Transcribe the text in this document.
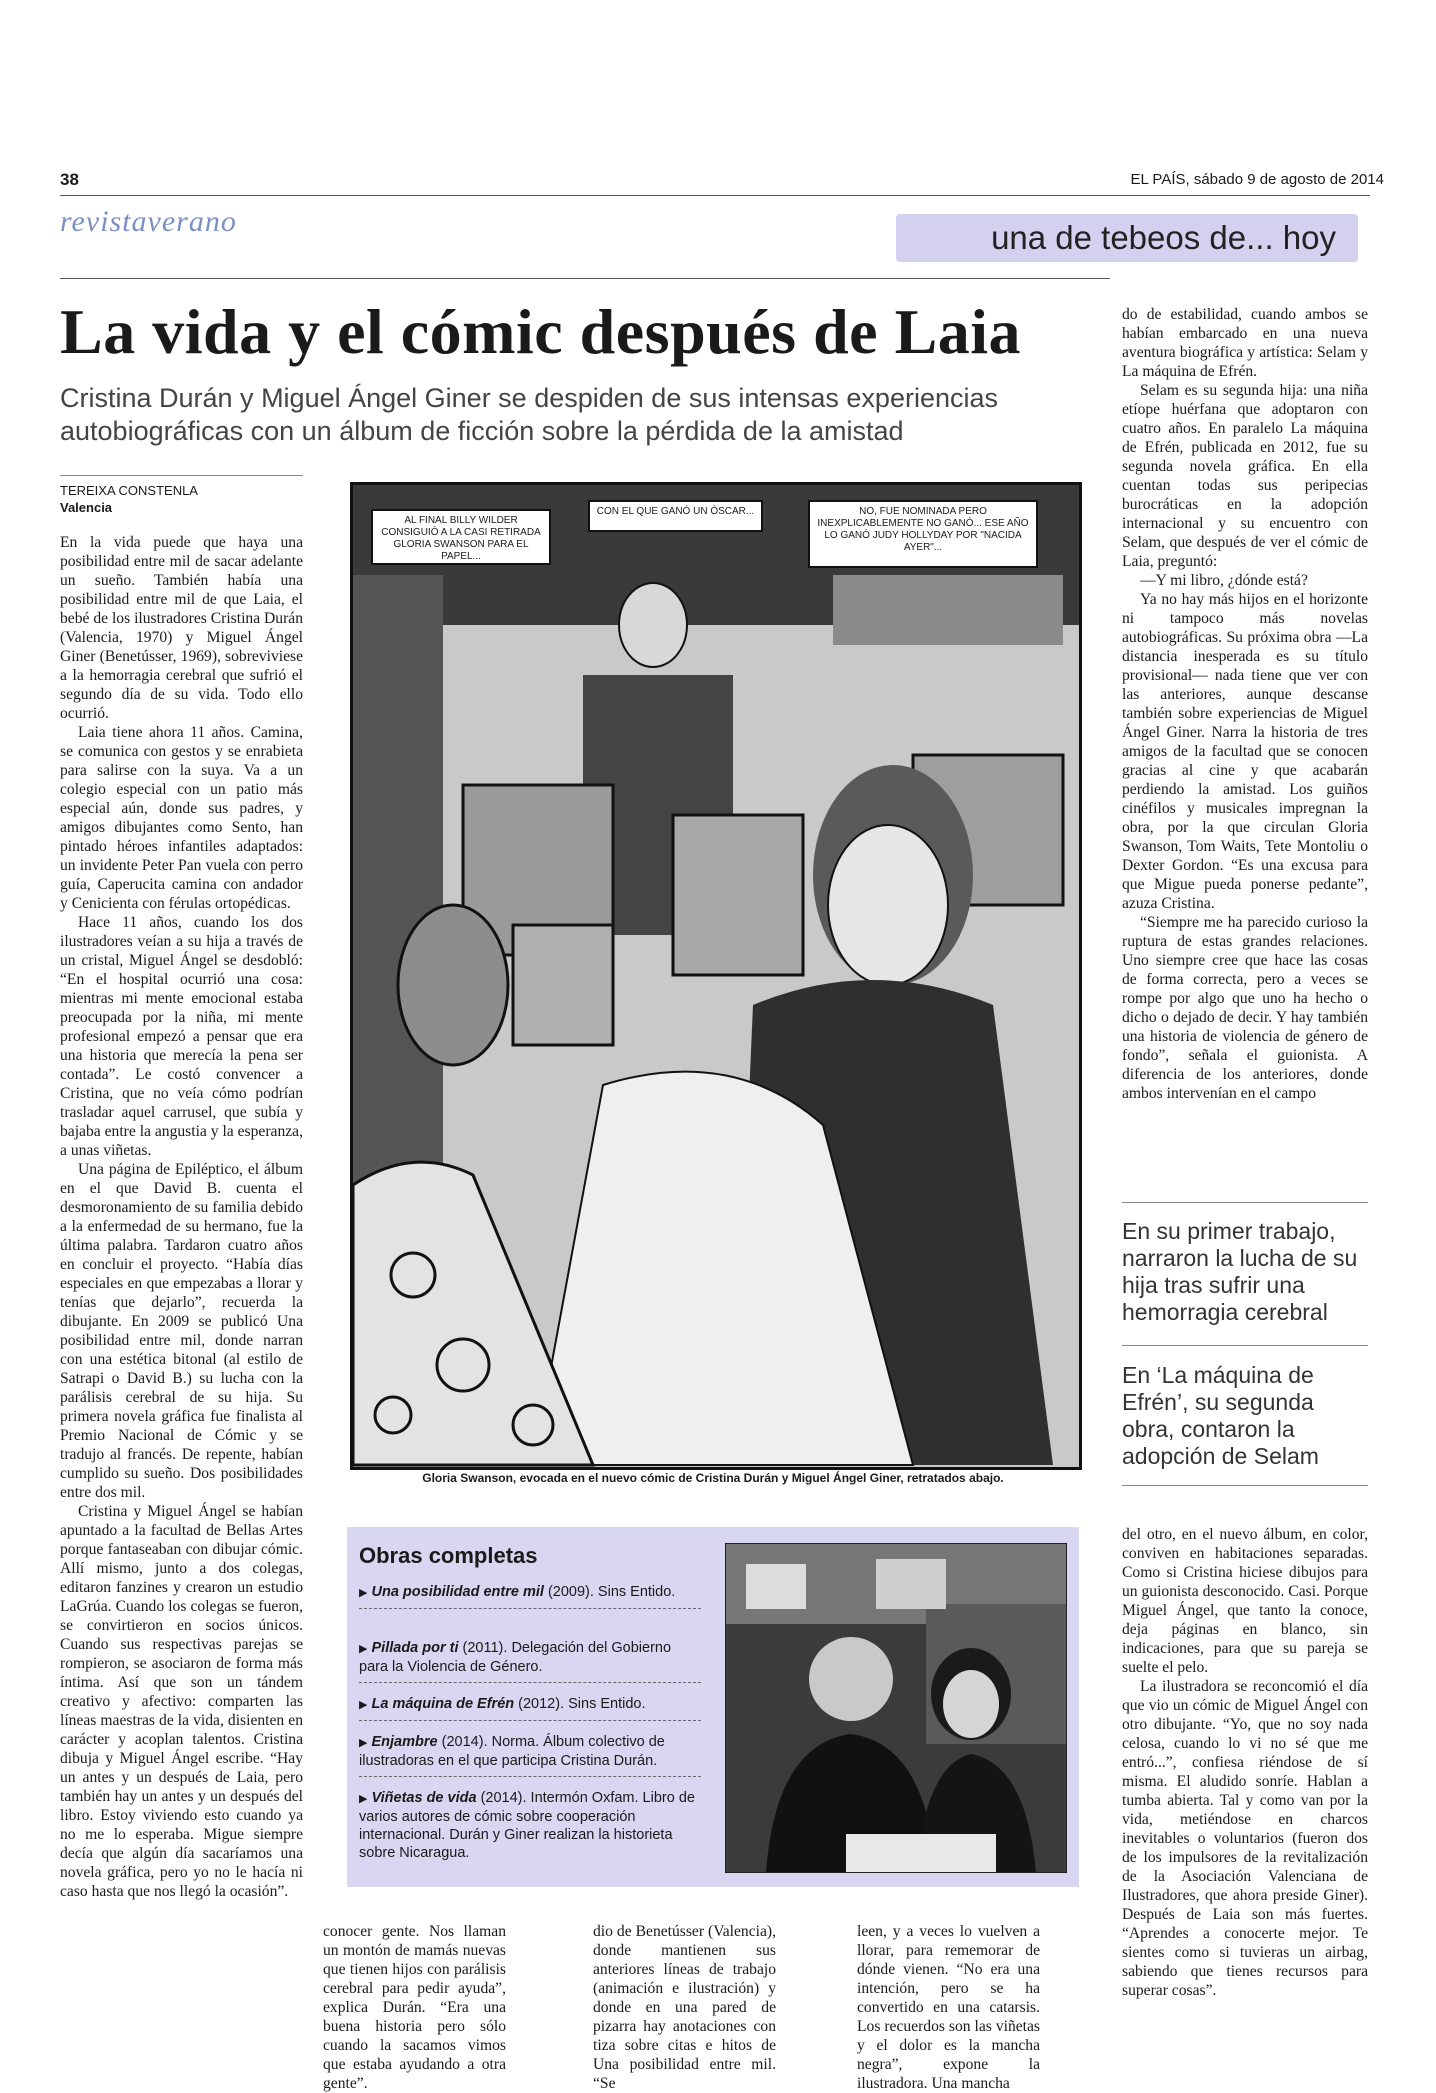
38	EL PAÍS, sábado 9 de agosto de 2014
revistaverano	una de tebeos de... hoy
La vida y el cómic después de Laia
Cristina Durán y Miguel Ángel Giner se despiden de sus intensas experiencias autobiográficas con un álbum de ficción sobre la pérdida de la amistad
TEREIXA CONSTENLA
Valencia

En la vida puede que haya una posibilidad entre mil de sacar adelante un sueño. También había una posibilidad entre mil de que Laia, el bebé de los ilustradores Cristina Durán (Valencia, 1970) y Miguel Ángel Giner (Benetússer, 1969), sobreviviese a la hemorragia cerebral que sufrió el segundo día de su vida. Todo ello ocurrió.

Laia tiene ahora 11 años. Camina, se comunica con gestos y se enrabieta para salirse con la suya. Va a un colegio especial con un patio más especial aún, donde sus padres, y amigos dibujantes como Sento, han pintado héroes infantiles adaptados: un invidente Peter Pan vuela con perro guía, Caperucita camina con andador y Cenicienta con férulas ortopédicas.

Hace 11 años, cuando los dos ilustradores veían a su hija a través de un cristal, Miguel Ángel se desdobló: “En el hospital ocurrió una cosa: mientras mi mente emocional estaba preocupada por la niña, mi mente profesional empezó a pensar que era una historia que merecía la pena ser contada”. Le costó convencer a Cristina, que no veía cómo podrían trasladar aquel carrusel, que subía y bajaba entre la angustia y la esperanza, a unas viñetas.

Una página de Epiléptico, el álbum en el que David B. cuenta el desmoronamiento de su familia debido a la enfermedad de su hermano, fue la última palabra. Tardaron cuatro años en concluir el proyecto. “Había días especiales en que empezabas a llorar y tenías que dejarlo”, recuerda la dibujante. En 2009 se publicó Una posibilidad entre mil, donde narran con una estética bitonal (al estilo de Satrapi o David B.) su lucha con la parálisis cerebral de su hija. Su primera novela gráfica fue finalista al Premio Nacional de Cómic y se tradujo al francés. De repente, habían cumplido su sueño. Dos posibilidades entre dos mil.

Cristina y Miguel Ángel se habían apuntado a la facultad de Bellas Artes porque fantaseaban con dibujar cómic. Allí mismo, junto a dos colegas, editaron fanzines y crearon un estudio LaGrúa. Cuando los colegas se fueron, se convirtieron en socios únicos. Cuando sus respectivas parejas se rompieron, se asociaron de forma más íntima. Así que son un tándem creativo y afectivo: comparten las líneas maestras de la vida, disienten en carácter y acoplan talentos. Cristina dibuja y Miguel Ángel escribe. “Hay un antes y un después de Laia, pero también hay un antes y un después del libro. Estoy viviendo esto cuando ya no me lo esperaba. Migue siempre decía que algún día sacaríamos una novela gráfica, pero yo no le hacía ni caso hasta que nos llegó la ocasión”.

AL FINAL BILLY WILDER CONSIGUIÓ A LA CASI RETIRADA GLORIA SWANSON PARA EL PAPEL...
CON EL QUE GANÓ UN ÓSCAR...	NO, FUE NOMINADA PERO INEXPLICABLEMENTE NO GANÓ... ESE AÑO LO GANÓ JUDY HOLLYDAY POR "NACIDA AYER"...
Gloria Swanson, evocada en el nuevo cómic de Cristina Durán y Miguel Ángel Giner, retratados abajo.

do de estabilidad, cuando ambos se habían embarcado en una nueva aventura biográfica y artística: Selam y La máquina de Efrén.

Selam es su segunda hija: una niña etíope huérfana que adoptaron con cuatro años. En paralelo La máquina de Efrén, publicada en 2012, fue su segunda novela gráfica. En ella cuentan todas sus peripecias burocráticas en la adopción internacional y su encuentro con Selam, que después de ver el cómic de Laia, preguntó:

—Y mi libro, ¿dónde está?

Ya no hay más hijos en el horizonte ni tampoco más novelas autobiográficas. Su próxima obra —La distancia inesperada es su título provisional— nada tiene que ver con las anteriores, aunque descanse también sobre experiencias de Miguel Ángel Giner. Narra la historia de tres amigos de la facultad que se conocen gracias al cine y que acabarán perdiendo la amistad. Los guiños cinéfilos y musicales impregnan la obra, por la que circulan Gloria Swanson, Tom Waits, Tete Montoliu o Dexter Gordon. “Es una excusa para que Migue pueda ponerse pedante”, azuza Cristina.

“Siempre me ha parecido curioso la ruptura de estas grandes relaciones. Uno siempre cree que hace las cosas de forma correcta, pero a veces se rompe por algo que uno ha hecho o dicho o dejado de decir. Y hay también una historia de violencia de género de fondo”, señala el guionista. A diferencia de los anteriores, donde ambos intervenían en el campo

En su primer trabajo, narraron la lucha de su hija tras sufrir una hemorragia cerebral
En ‘La máquina de Efrén’, su segunda obra, contaron la adopción de Selam

del otro, en el nuevo álbum, en color, conviven en habitaciones separadas. Como si Cristina hiciese dibujos para un guionista desconocido. Casi. Porque Miguel Ángel, que tanto la conoce, deja páginas en blanco, sin indicaciones, para que su pareja se suelte el pelo.

La ilustradora se reconcomió el día que vio un cómic de Miguel Ángel con otro dibujante. “Yo, que no soy nada celosa, cuando lo vi no sé que me entró...”, confiesa riéndose de sí misma. El aludido sonríe. Hablan a tumba abierta. Tal y como van por la vida, metiéndose en charcos inevitables o voluntarios (fueron dos de los impulsores de la revitalización de la Asociación Valenciana de Ilustradores, que ahora preside Giner). Después de Laia son más fuertes. “Aprendes a conocerte mejor. Te sientes como si tuvieras un airbag, sabiendo que tienes recursos para superar cosas”.

Obras completas
▶ Una posibilidad entre mil (2009). Sins Entido.
▶ Pillada por ti (2011). Delegación del Gobierno para la Violencia de Género.
▶ La máquina de Efrén (2012). Sins Entido.
▶ Enjambre (2014). Norma. Álbum colectivo de ilustradoras en el que participa Cristina Durán.
▶ Viñetas de vida (2014). Intermón Oxfam. Libro de varios autores de cómic sobre cooperación internacional. Durán y Giner realizan la historieta sobre Nicaragua.
conocer gente. Nos llaman un montón de mamás nuevas que tienen hijos con parálisis cerebral para pedir ayuda”, explica Durán. “Era una buena historia pero sólo cuando la sacamos vimos que estaba ayudando a otra gente”.
dio de Benetússer (Valencia), donde mantienen sus anteriores líneas de trabajo (animación e ilustración) y donde en una pared de pizarra hay anotaciones con tiza sobre citas e hitos de Una posibilidad entre mil. “Se
leen, y a veces lo vuelven a llorar, para rememorar de dónde vienen. “No era una intención, pero se ha convertido en una catarsis. Los recuerdos son las viñetas y el dolor es la mancha negra”, expone la ilustradora. Una mancha
